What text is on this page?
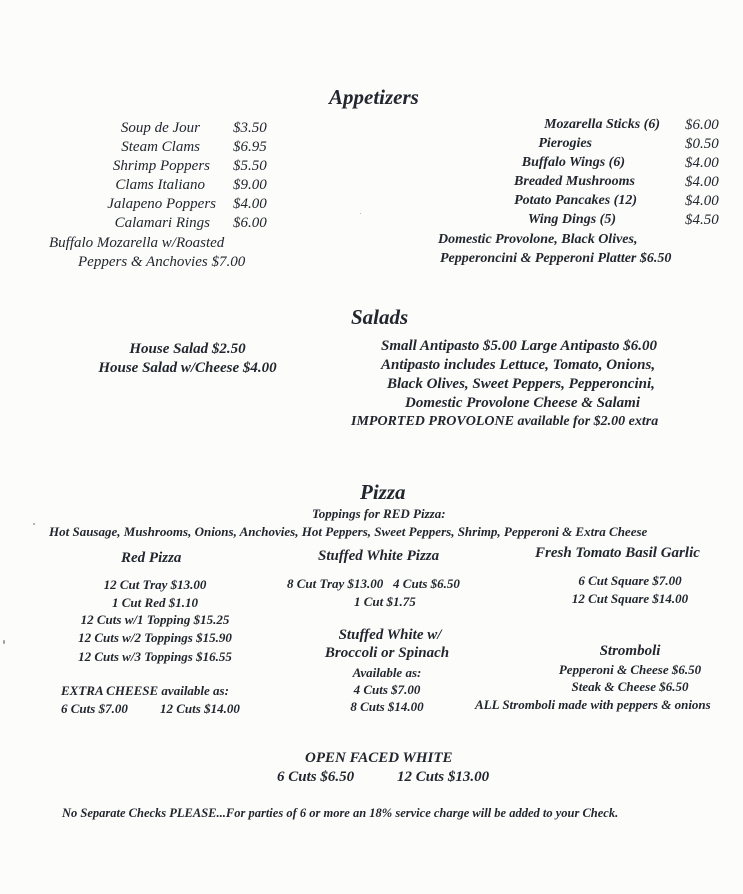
Appetizers
Soup de Jour $3.50
Steam Clams $6.95
Shrimp Poppers $5.50
Clams Italiano $9.00
Jalapeno Poppers $4.00
Calamari Rings $6.00
Buffalo Mozarella w/Roasted
Peppers & Anchovies $7.00
Mozarella Sticks (6) $6.00
Pierogies	$0.50
Buffalo Wings (6)	$4.00
Breaded Mushrooms	$4.00
Potato Pancakes (12)	$4.00
Wing Dings (5)	$4.50
Domestic Provolone, Black Olives,
Pepperoncini & Pepperoni Platter $6.50
Salads
House Salad $2.50
House Salad w/Cheese $4.00
Small Antipasto $5.00 Large Antipasto $6.00
Antipasto includes Lettuce, Tomato, Onions,
Black Olives, Sweet Peppers, Pepperoncini,
Domestic Provolone Cheese & Salami
IMPORTED PROVOLONE available for $2.00 extra
Pizza
Toppings for RED Pizza:
Hot Sausage, Mushrooms, Onions, Anchovies, Hot Peppers, Sweet Peppers, Shrimp, Pepperoni & Extra Cheese
Red Pizza
12 Cut Tray $13.00
1 Cut Red $1.10
12 Cuts w/1 Topping $15.25
12 Cuts w/2 Toppings $15.90
12 Cuts w/3 Toppings $16.55
EXTRA CHEESE available as:
6 Cuts $7.00 12 Cuts $14.00
Stuffed White Pizza
8 Cut Tray $13.00   4 Cuts $6.50
1 Cut $1.75
Stuffed White w/
Broccoli or Spinach
Available as:
4 Cuts $7.00
8 Cuts $14.00
Fresh Tomato Basil Garlic
6 Cut Square $7.00
12 Cut Square $14.00
Stromboli
Pepperoni & Cheese $6.50
Steak & Cheese $6.50
ALL Stromboli made with peppers & onions
OPEN FACED WHITE
6 Cuts $6.50	12 Cuts $13.00
No Separate Checks PLEASE...For parties of 6 or more an 18% service charge will be added to your Check.
